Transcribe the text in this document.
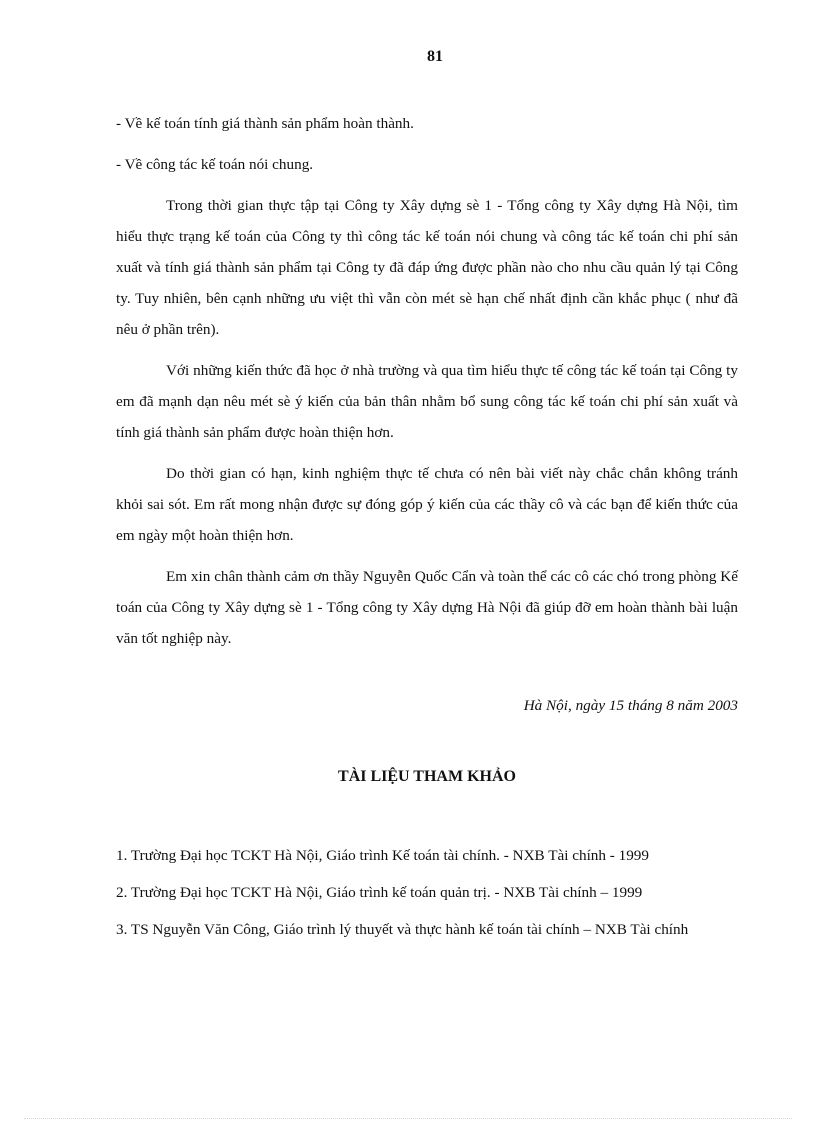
81

- Về kế toán tính giá thành sản phẩm hoàn thành.

- Về công tác kế toán nói chung.

Trong thời gian thực tập tại Công ty Xây dựng sè 1 - Tổng công ty Xây dựng Hà Nội, tìm hiểu thực trạng kế toán của Công ty thì công tác kế toán nói chung và công tác kế toán chi phí sản xuất và tính giá thành sản phẩm tại Công ty đã đáp ứng được phần nào cho nhu cầu quản lý tại Công ty. Tuy nhiên, bên cạnh những ưu việt thì vẫn còn mét sè hạn chế nhất định cần khắc phục ( như đã nêu ở phần trên).

Với những kiến thức đã học ở nhà trường và qua tìm hiểu thực tế công tác kế toán tại Công ty em đã mạnh dạn nêu mét sè ý kiến của bản thân nhằm bổ sung công tác kế toán chi phí sản xuất và tính giá thành sản phẩm được hoàn thiện hơn.

Do thời gian có hạn, kinh nghiệm thực tế chưa có nên bài viết này chắc chắn không tránh khỏi sai sót. Em rất mong nhận được sự đóng góp ý kiến của các thầy cô và các bạn để kiến thức của em ngày một hoàn thiện hơn.

Em xin chân thành cảm ơn thầy Nguyễn Quốc Cẩn và toàn thể các cô các chó trong phòng Kế toán của Công ty Xây dựng sè 1 - Tổng công ty Xây dựng Hà Nội đã giúp đỡ em hoàn thành bài luận văn tốt nghiệp này.

Hà Nội, ngày 15 tháng 8 năm 2003

TÀI LIỆU THAM KHẢO
1. Trường Đại học TCKT Hà Nội, Giáo trình Kế toán tài chính. - NXB Tài chính - 1999
2. Trường Đại học TCKT Hà Nội, Giáo trình kế toán quản trị. - NXB Tài chính – 1999
3. TS Nguyễn Văn Công, Giáo trình lý thuyết và thực hành kế toán tài chính – NXB Tài chính
